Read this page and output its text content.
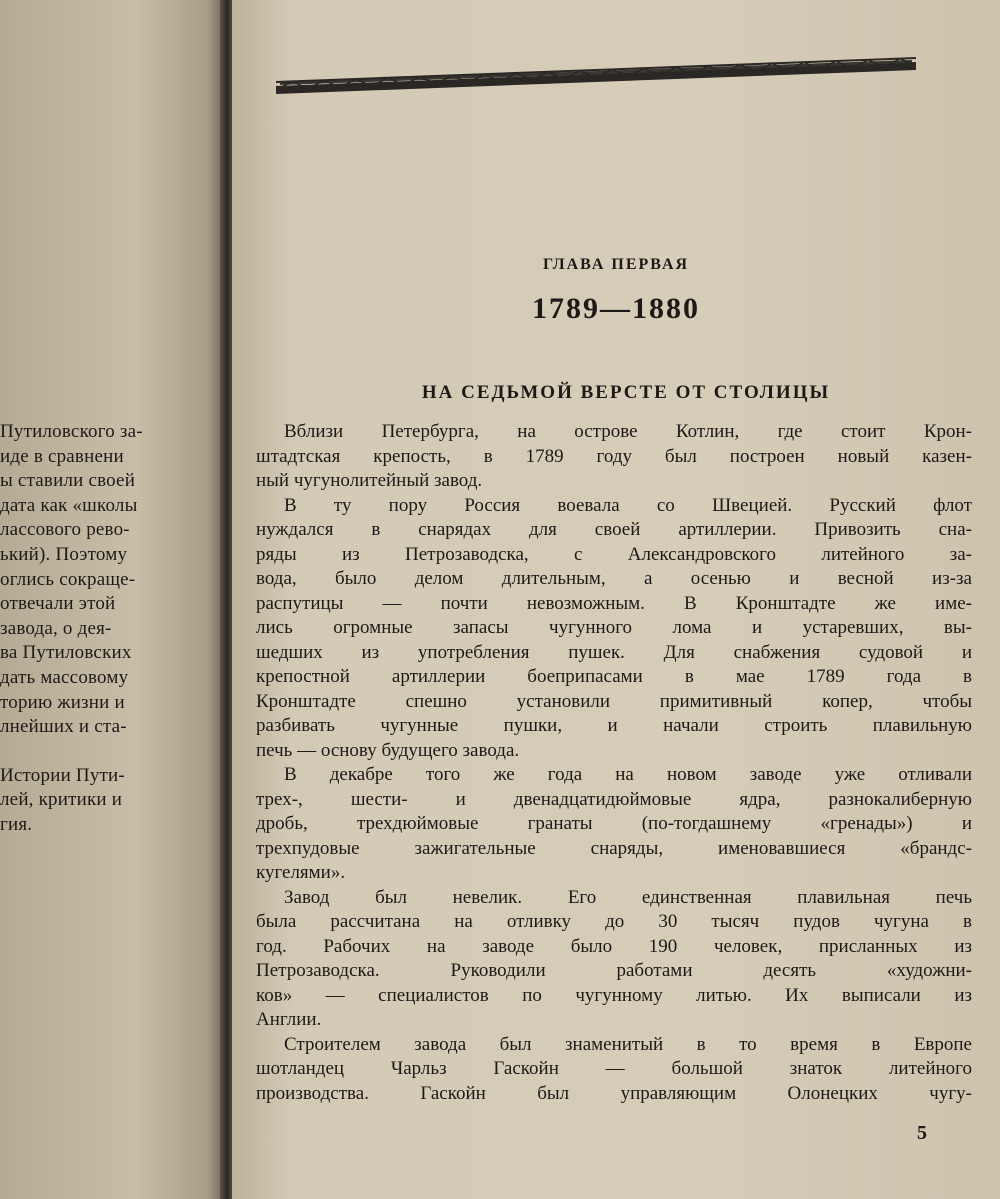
Путиловского за-

иде в сравнени

ы ставили своей

дата как «школы

лассового рево-

ький). Поэтому

оглись сокраще-

отвечали этой

завода, о дея-

ва Путиловских

дать массовому

торию жизни и

лнейших и ста-

Истории Пути-

лей, критики и

гия.

ГЛАВА ПЕРВАЯ
1789—1880
НА СЕДЬМОЙ ВЕРСТЕ ОТ СТОЛИЦЫ

Вблизи Петербурга, на острове Котлин, где стоит Крон-

штадтская крепость, в 1789 году был построен новый казен-

ный чугунолитейный завод.

В ту пору Россия воевала со Швецией. Русский флот

нуждался в снарядах для своей артиллерии. Привозить сна-

ряды из Петрозаводска, с Александровского литейного за-

вода, было делом длительным, а осенью и весной из-за

распутицы — почти невозможным. В Кронштадте же име-

лись огромные запасы чугунного лома и устаревших, вы-

шедших из употребления пушек. Для снабжения судовой и

крепостной артиллерии боеприпасами в мае 1789 года в

Кронштадте спешно установили примитивный копер, чтобы

разбивать чугунные пушки, и начали строить плавильную

печь — основу будущего завода.

В декабре того же года на новом заводе уже отливали

трех-, шести- и двенадцатидюймовые ядра, разнокалиберную

дробь, трехдюймовые гранаты (по-тогдашнему «гренады») и

трехпудовые зажигательные снаряды, именовавшиеся «брандс-

кугелями».

Завод был невелик. Его единственная плавильная печь

была рассчитана на отливку до 30 тысяч пудов чугуна в

год. Рабочих на заводе было 190 человек, присланных из

Петрозаводска. Руководили работами десять «художни-

ков» — специалистов по чугунному литью. Их выписали из

Англии.

Строителем завода был знаменитый в то время в Европе

шотландец Чарльз Гаскойн — большой знаток литейного

производства. Гаскойн был управляющим Олонецких чугу-

5
